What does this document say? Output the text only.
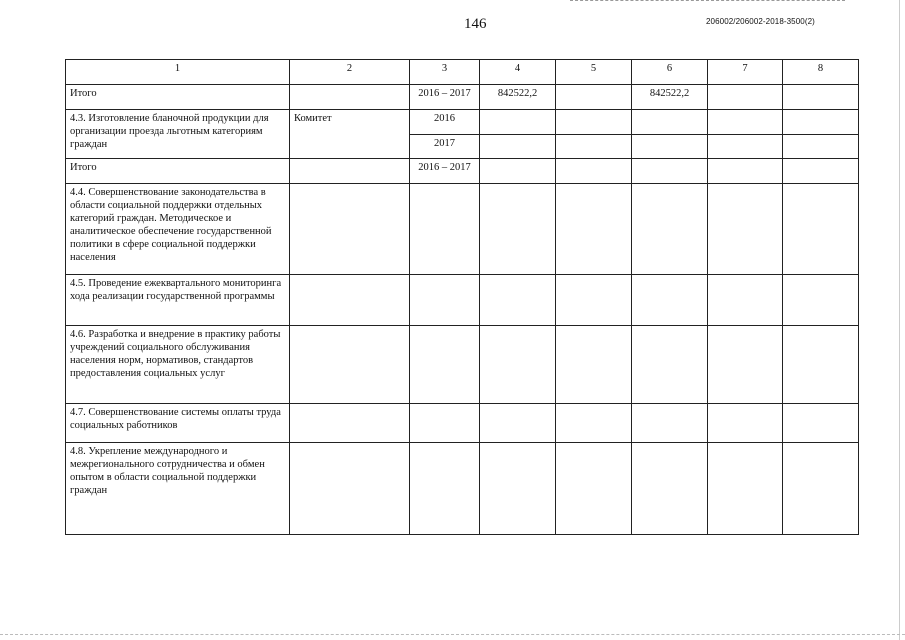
146	206002/206002-2018-3500(2)
1	2	3	4	5	6	7	8
Итого		2016 – 2017	842522,2		842522,2		
4.3. Изготовление бланочной продукции для организации проезда льготным категориям граждан	Комитет	2016					
		2017					
Итого		2016 – 2017					
4.4. Совершенствование законодательства в области социальной поддержки отдельных категорий граждан. Методическое и аналитическое обеспечение государственной политики в сфере социальной поддержки населения							
4.5. Проведение ежеквартального мониторинга хода реализации государственной программы							
4.6. Разработка и внедрение в практику работы учреждений социального обслуживания населения норм, нормативов, стандартов предоставления социальных услуг							
4.7. Совершенствование системы оплаты труда социальных работников							
4.8. Укрепление международного и межрегионального сотрудничества и обмен опытом в области социальной поддержки граждан							
